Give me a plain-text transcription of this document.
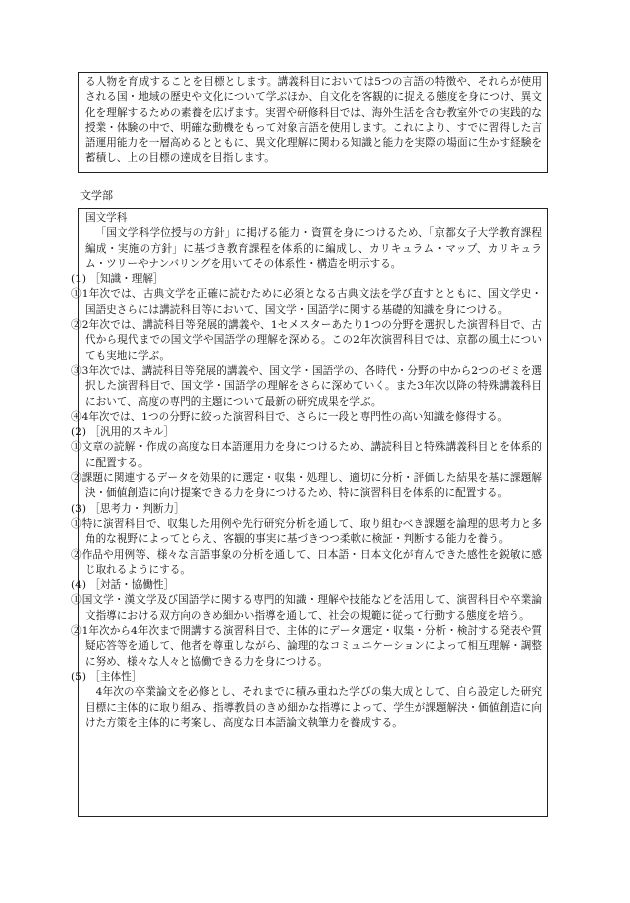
る人物を育成することを目標とします。講義科目においては5つの言語の特徴や、それらが使用される国・地域の歴史や文化について学ぶほか、自文化を客観的に捉える態度を身につけ、異文化を理解するための素養を広げます。実習や研修科目では、海外生活を含む教室外での実践的な授業・体験の中で、明確な動機をもって対象言語を使用します。これにより、すでに習得した言語運用能力を一層高めるとともに、異文化理解に関わる知識と能力を実際の場面に生かす経験を蓄積し、上の目標の達成を目指します。

文学部

国文学科

「国文学科学位授与の方針」に掲げる能力・資質を身につけるため、「京都女子大学教育課程編成・実施の方針」に基づき教育課程を体系的に編成し、カリキュラム・マップ、カリキュラム・ツリーやナンバリングを用いてその体系性・構造を明示する。

(1) ［知識・理解］

①1年次では、古典文学を正確に読むために必須となる古典文法を学び直すとともに、国文学史・国語史さらには講読科目等において、国文学・国語学に関する基礎的知識を身につける。

②2年次では、講読科目等発展的講義や、1セメスターあたり1つの分野を選択した演習科目で、古代から現代までの国文学や国語学の理解を深める。この2年次演習科目では、京都の風土についても実地に学ぶ。

③3年次では、講読科目等発展的講義や、国文学・国語学の、各時代・分野の中から2つのゼミを選択した演習科目で、国文学・国語学の理解をさらに深めていく。また3年次以降の特殊講義科目において、高度の専門的主題について最新の研究成果を学ぶ。

④4年次では、1つの分野に絞った演習科目で、さらに一段と専門性の高い知識を修得する。

(2) ［汎用的スキル］

①文章の読解・作成の高度な日本語運用力を身につけるため、講読科目と特殊講義科目とを体系的に配置する。

②課題に関連するデータを効果的に選定・収集・処理し、適切に分析・評価した結果を基に課題解決・価値創造に向け提案できる力を身につけるため、特に演習科目を体系的に配置する。

(3) ［思考力・判断力］

①特に演習科目で、収集した用例や先行研究分析を通して、取り組むべき課題を論理的思考力と多角的な視野によってとらえ、客観的事実に基づきつつ柔軟に検証・判断する能力を養う。

②作品や用例等、様々な言語事象の分析を通して、日本語・日本文化が育んできた感性を鋭敏に感じ取れるようにする。

(4) ［対話・協働性］

①国文学・漢文学及び国語学に関する専門的知識・理解や技能などを活用して、演習科目や卒業論文指導における双方向のきめ細かい指導を通して、社会の規範に従って行動する態度を培う。

②1年次から4年次まで開講する演習科目で、主体的にデータ選定・収集・分析・検討する発表や質疑応答等を通して、他者を尊重しながら、論理的なコミュニケーションによって相互理解・調整に努め、様々な人々と協働できる力を身につける。

(5) ［主体性］

4年次の卒業論文を必修とし、それまでに積み重ねた学びの集大成として、自ら設定した研究目標に主体的に取り組み、指導教員のきめ細かな指導によって、学生が課題解決・価値創造に向けた方策を主体的に考案し、高度な日本語論文執筆力を養成する。
